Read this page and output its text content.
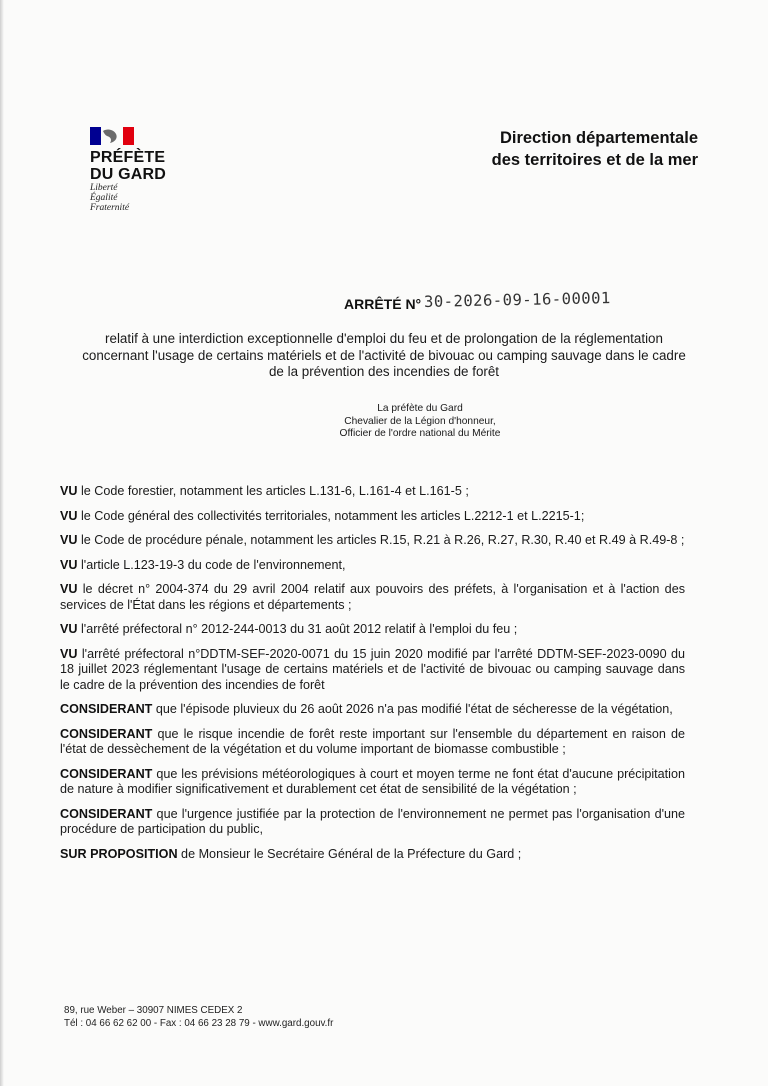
PRÉFÈTE
DU GARD
Liberté
Égalité
Fraternité
Direction départementale
des territoires et de la mer
ARRÊTÉ N° 30-2026-09-16-00001
relatif à une interdiction exceptionnelle d'emploi du feu et de prolongation de la réglementation concernant l'usage de certains matériels et de l'activité de bivouac ou camping sauvage dans le cadre de la prévention des incendies de forêt
La préfète du Gard
Chevalier de la Légion d'honneur,
Officier de l'ordre national du Mérite

VU le Code forestier, notamment les articles L.131-6, L.161-4 et L.161-5 ;

VU le Code général des collectivités territoriales, notamment les articles L.2212-1 et L.2215-1;

VU le Code de procédure pénale, notamment les articles R.15, R.21 à R.26, R.27, R.30, R.40 et R.49 à R.49-8 ;

VU l'article L.123-19-3 du code de l'environnement,

VU le décret n° 2004-374 du 29 avril 2004 relatif aux pouvoirs des préfets, à l'organisation et à l'action des services de l'État dans les régions et départements ;

VU l'arrêté préfectoral n° 2012-244-0013 du 31 août 2012 relatif à l'emploi du feu ;

VU l'arrêté préfectoral n°DDTM-SEF-2020-0071 du 15 juin 2020 modifié par l'arrêté DDTM-SEF-2023-0090 du 18 juillet 2023 réglementant l'usage de certains matériels et de l'activité de bivouac ou camping sauvage dans le cadre de la prévention des incendies de forêt

CONSIDERANT que l'épisode pluvieux du 26 août 2026 n'a pas modifié l'état de sécheresse de la végétation,

CONSIDERANT que le risque incendie de forêt reste important sur l'ensemble du département en raison de l'état de dessèchement de la végétation et du volume important de biomasse combustible ;

CONSIDERANT que les prévisions météorologiques à court et moyen terme ne font état d'aucune précipitation de nature à modifier significativement et durablement cet état de sensibilité de la végétation ;

CONSIDERANT que l'urgence justifiée par la protection de l'environnement ne permet pas l'organisation d'une procédure de participation du public,

SUR PROPOSITION de Monsieur le Secrétaire Général de la Préfecture du Gard ;

89, rue Weber – 30907 NIMES CEDEX 2
Tél : 04 66 62 62 00 - Fax : 04 66 23 28 79 - www.gard.gouv.fr
